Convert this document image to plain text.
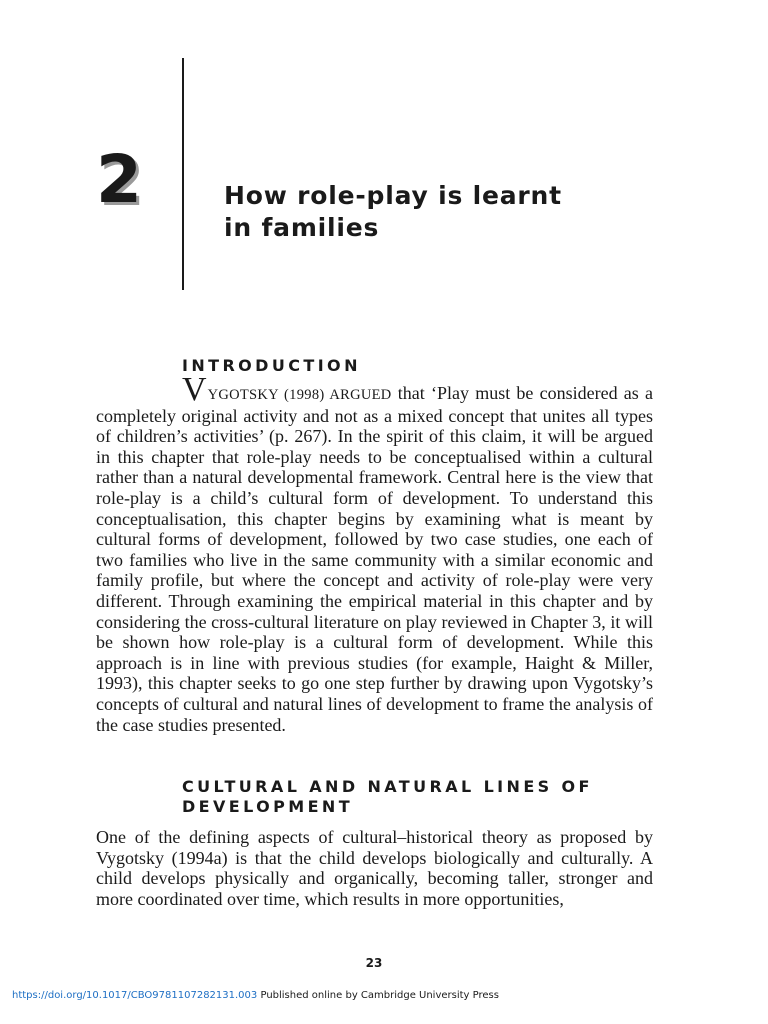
2	How role-play is learnt
in families
INTRODUCTION

VYGOTSKY (1998) ARGUED that ‘Play must be considered as a completely original activity and not as a mixed concept that unites all types of children’s activities’ (p. 267). In the spirit of this claim, it will be argued in this chapter that role-play needs to be conceptualised within a cultural rather than a natural developmental framework. Central here is the view that role-play is a child’s cultural form of development. To understand this conceptualisation, this chapter begins by examining what is meant by cultural forms of development, followed by two case studies, one each of two families who live in the same community with a similar economic and family profile, but where the concept and activity of role-play were very different. Through examining the empirical material in this chapter and by considering the cross-cultural literature on play reviewed in Chapter 3, it will be shown how role-play is a cultural form of development. While this approach is in line with previous studies (for example, Haight & Miller, 1993), this chapter seeks to go one step further by drawing upon Vygotsky’s concepts of cultural and natural lines of development to frame the analysis of the case studies presented.

CULTURAL AND NATURAL LINES OF
DEVELOPMENT

One of the defining aspects of cultural–historical theory as proposed by Vygotsky (1994a) is that the child develops biologically and culturally. A child develops physically and organically, becoming taller, stronger and more coordinated over time, which results in more opportunities,

23
https://doi.org/10.1017/CBO9781107282131.003 Published online by Cambridge University Press
